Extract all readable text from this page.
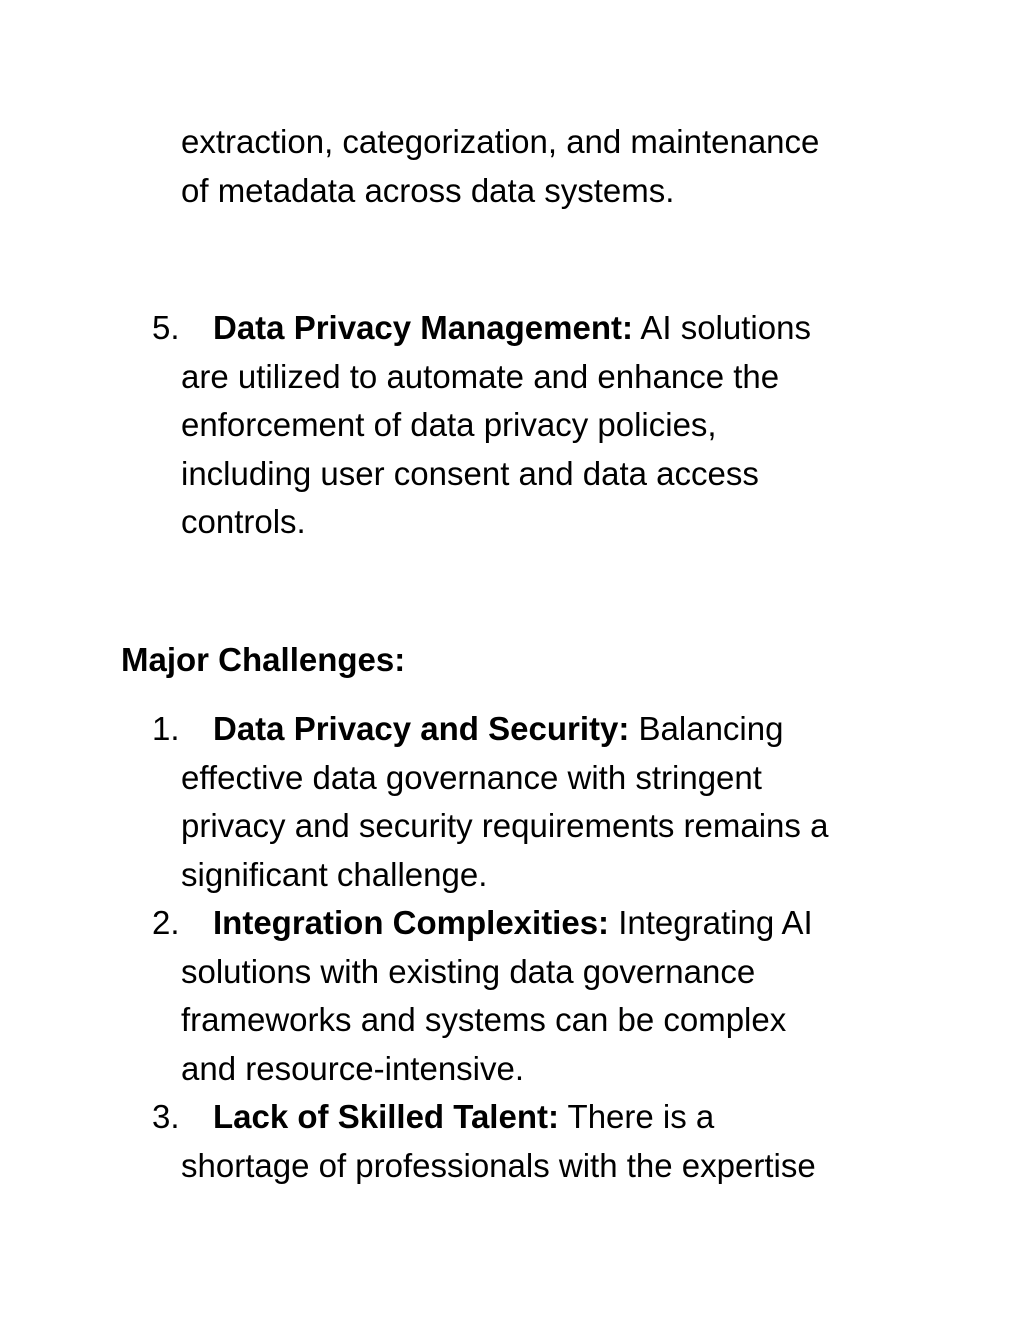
extraction, categorization, and maintenance
of metadata across data systems.
5. Data Privacy Management: AI solutions
are utilized to automate and enhance the
enforcement of data privacy policies,
including user consent and data access
controls.
Major Challenges:
1. Data Privacy and Security: Balancing
effective data governance with stringent
privacy and security requirements remains a
significant challenge.
2. Integration Complexities: Integrating AI
solutions with existing data governance
frameworks and systems can be complex
and resource-intensive.
3. Lack of Skilled Talent: There is a
shortage of professionals with the expertise
